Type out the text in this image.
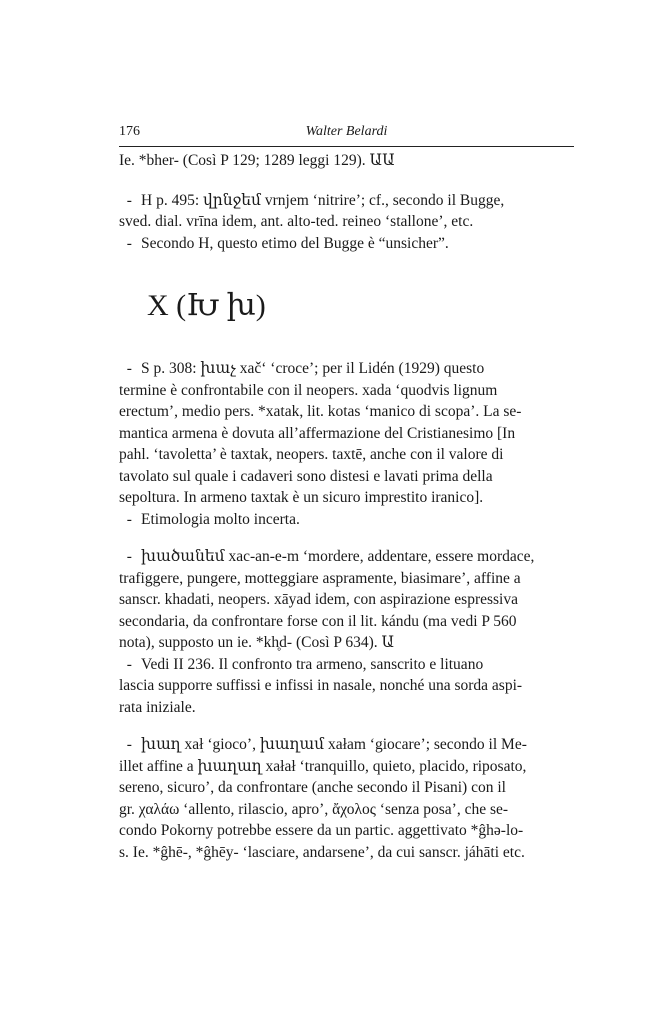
176	Walter Belardi

Ie. *bher- (Così P 129; 1289 leggi 129). ԱԱ

- H p. 495: վրնջեմ vrnjem ‘nitrire’; cf., secondo il Bugge,

sved. dial. vrīna idem, ant. alto-ted. reineo ‘stallone’, etc.

- Secondo H, questo etimo del Bugge è “unsicher”.

X (Խ խ)

- S p. 308: խաչ xač‘ ‘croce’; per il Lidén (1929) questo

termine è confrontabile con il neopers. xada ‘quodvis lignum

erectum’, medio pers. *xatak, lit. kotas ‘manico di scopa’. La se-

mantica armena è dovuta all’affermazione del Cristianesimo [In

pahl. ‘tavoletta’ è taxtak, neopers. taxtē, anche con il valore di

tavolato sul quale i cadaveri sono distesi e lavati prima della

sepoltura. In armeno taxtak è un sicuro imprestito iranico].

- Etimologia molto incerta.

- խածանեմ xac-an-e-m ‘mordere, addentare, essere mordace,

trafiggere, pungere, motteggiare aspramente, biasimare’, affine a

sanscr. khadati, neopers. xāyad idem, con aspirazione espressiva

secondaria, da confrontare forse con il lit. kándu (ma vedi P 560

nota), supposto un ie. *kh̥d- (Così P 634). Ա

- Vedi II 236. Il confronto tra armeno, sanscrito e lituano

lascia supporre suffissi e infissi in nasale, nonché una sorda aspi-

rata iniziale.

- խաղ xał ‘gioco’, խաղամ xałam ‘giocare’; secondo il Me-

illet affine a խաղաղ xałał ‘tranquillo, quieto, placido, riposato,

sereno, sicuro’, da confrontare (anche secondo il Pisani) con il

gr. χαλάω ‘allento, rilascio, apro’, ἄχολος ‘senza posa’, che se-

condo Pokorny potrebbe essere da un partic. aggettivato *ĝhə-lo-

s. Ie. *ĝhē-, *ĝhēy- ‘lasciare, andarsene’, da cui sanscr. jáhāti etc.
